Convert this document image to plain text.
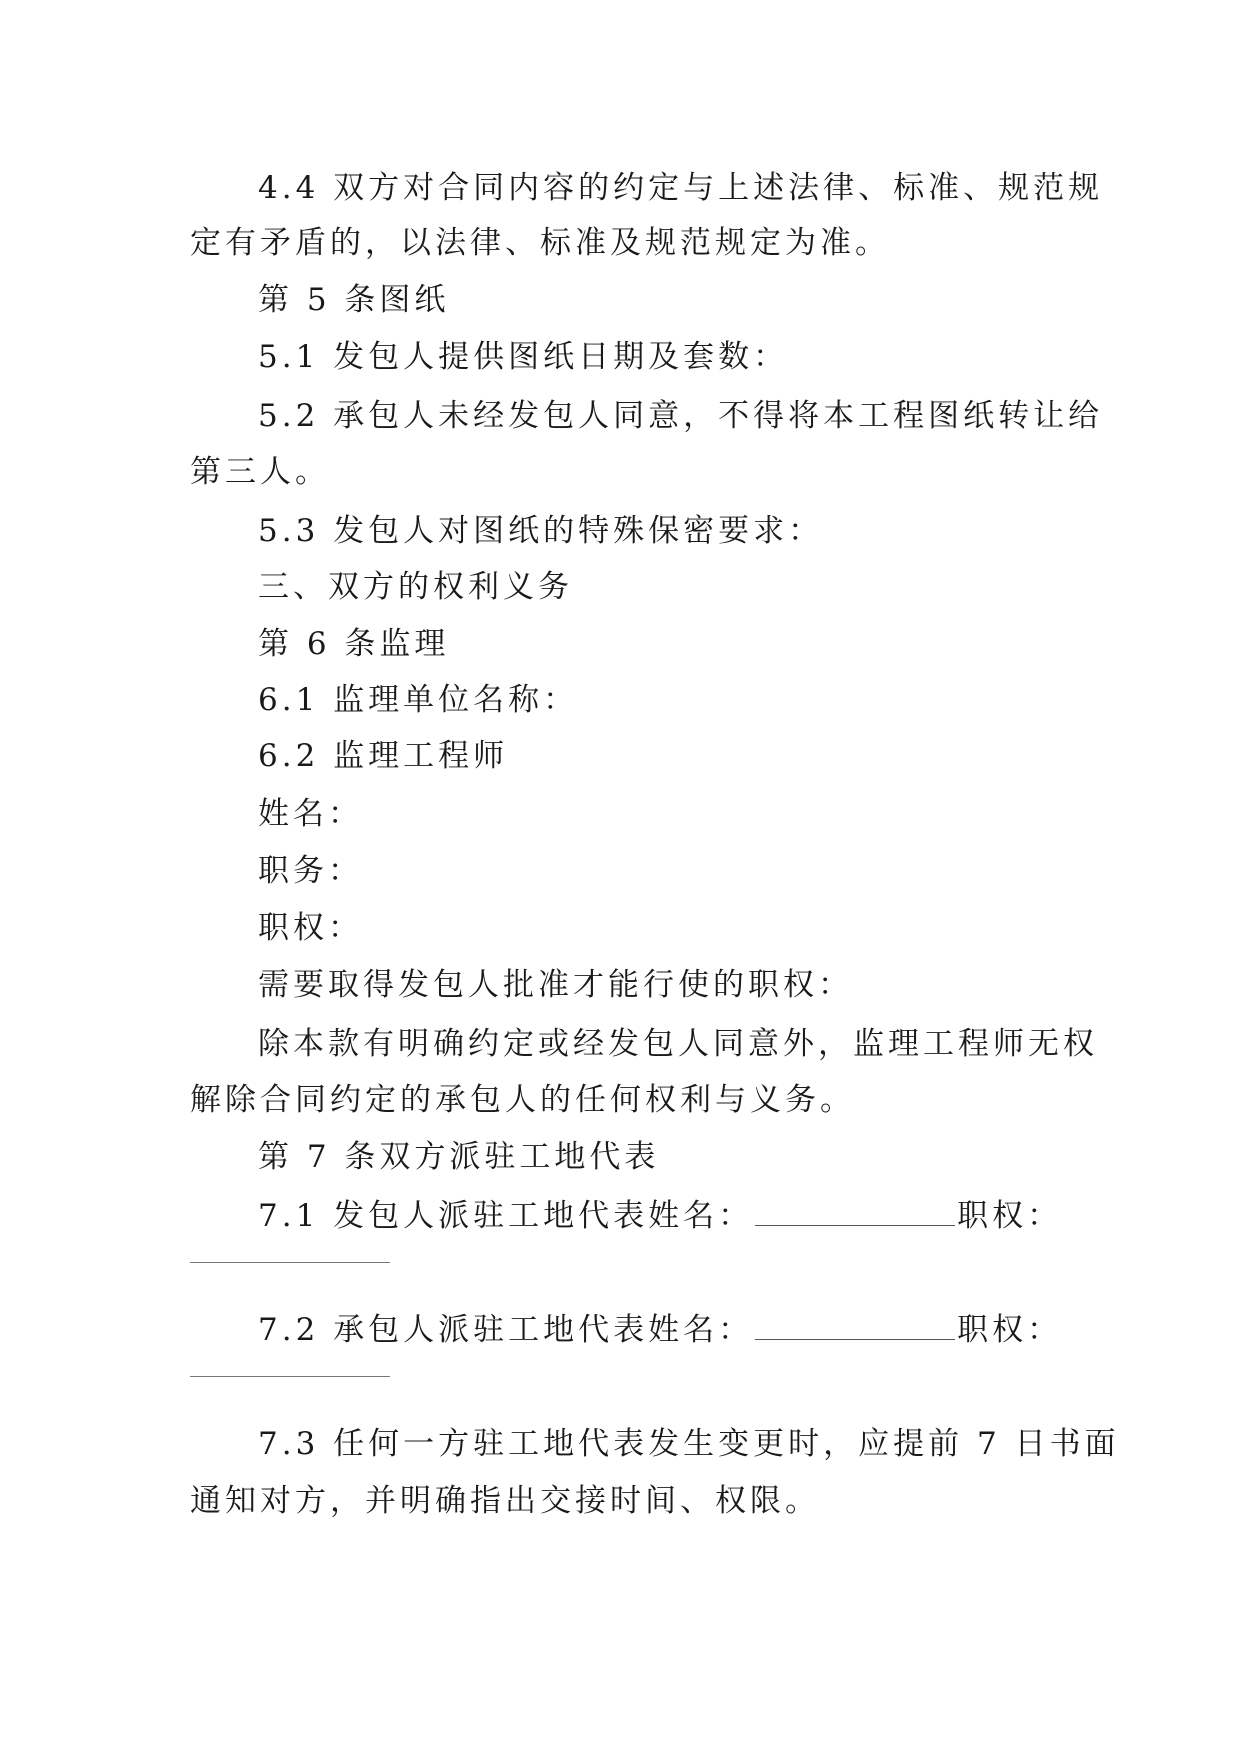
4.4 双方对合同内容的约定与上述法律、标准、规范规
定有矛盾的，以法律、标准及规范规定为准。
第 5 条图纸
5.1 发包人提供图纸日期及套数：
5.2 承包人未经发包人同意，不得将本工程图纸转让给
第三人。
5.3 发包人对图纸的特殊保密要求：
三、双方的权利义务
第 6 条监理
6.1 监理单位名称：
6.2 监理工程师
姓名：
职务：
职权：
需要取得发包人批准才能行使的职权：
除本款有明确约定或经发包人同意外，监理工程师无权
解除合同约定的承包人的任何权利与义务。
第 7 条双方派驻工地代表
7.1 发包人派驻工地代表姓名：	职权：
7.2 承包人派驻工地代表姓名：	职权：
7.3 任何一方驻工地代表发生变更时，应提前 7 日书面
通知对方，并明确指出交接时间、权限。
